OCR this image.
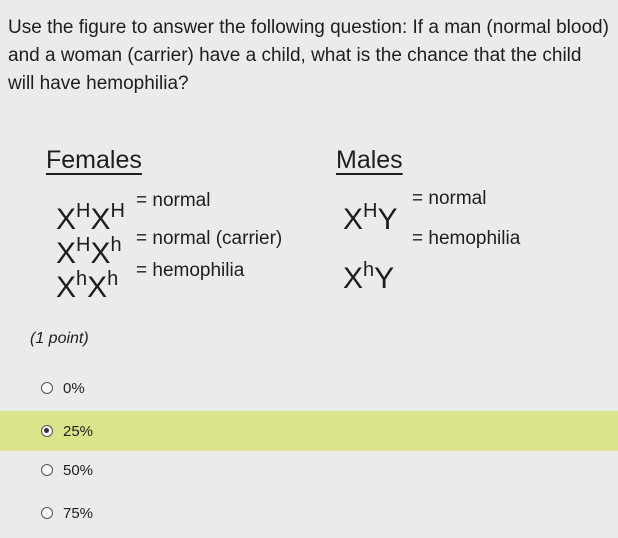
Use the figure to answer the following question: If a man (normal blood) and a woman (carrier) have a child, what is the chance that the child will have hemophilia?

Females	Males
$X^HX^H$ = normal
$X^HX^h$ = normal (carrier)
$X^hX^h$ = hemophilia
$X^HY$
= normal
$X^hY$
= hemophilia
(1 point)
0%
25%
50%
75%
